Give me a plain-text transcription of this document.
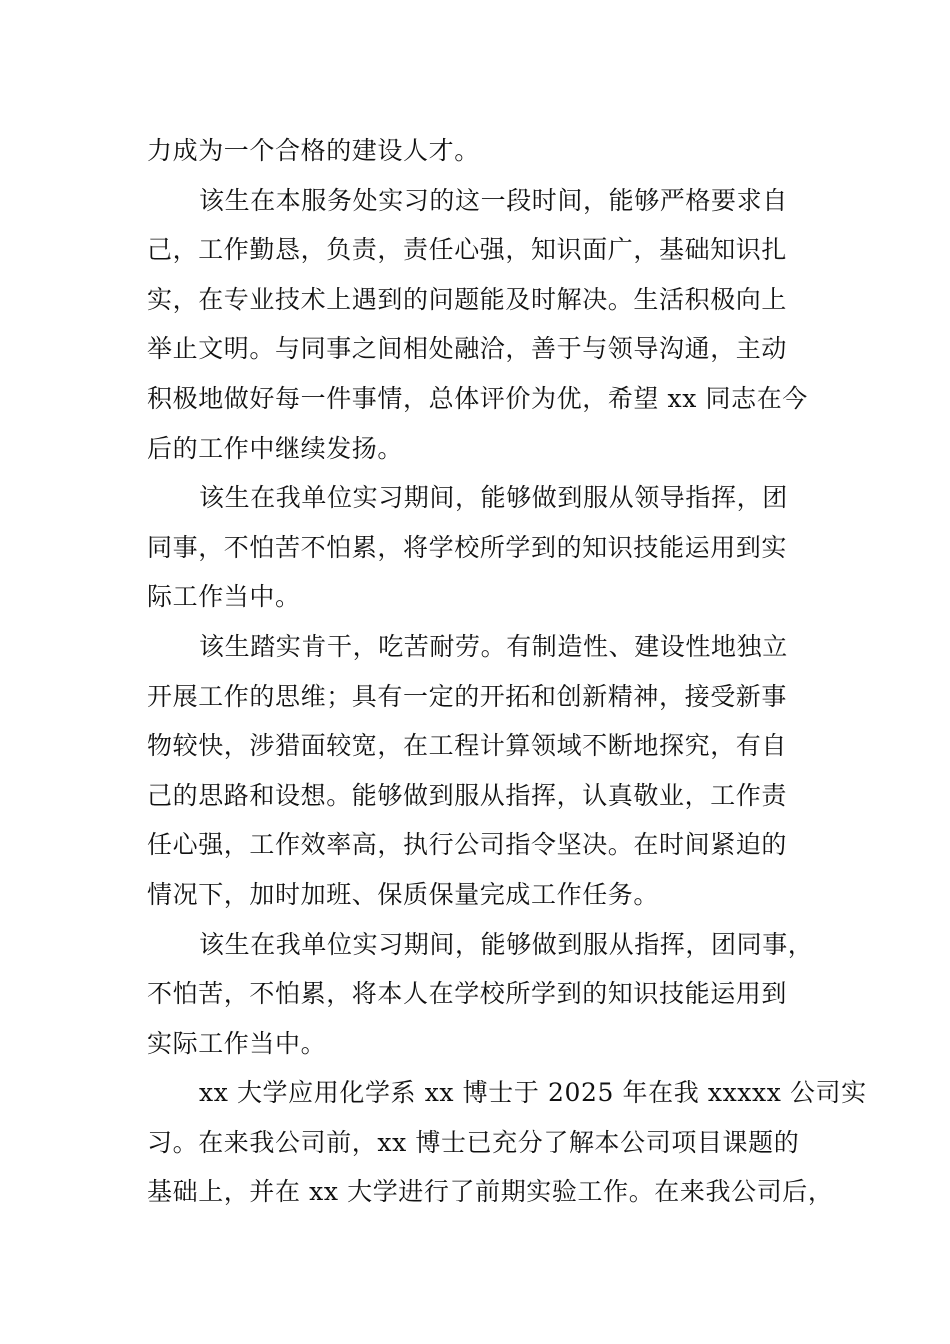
力成为一个合格的建设人才。
该生在本服务处实习的这一段时间，能够严格要求自
己，工作勤恳，负责，责任心强，知识面广，基础知识扎
实，在专业技术上遇到的问题能及时解决。生活积极向上
举止文明。与同事之间相处融洽，善于与领导沟通，主动
积极地做好每一件事情，总体评价为优，希望 xx 同志在今
后的工作中继续发扬。
该生在我单位实习期间，能够做到服从领导指挥，团
同事，不怕苦不怕累，将学校所学到的知识技能运用到实
际工作当中。
该生踏实肯干，吃苦耐劳。有制造性、建设性地独立
开展工作的思维；具有一定的开拓和创新精神，接受新事
物较快，涉猎面较宽，在工程计算领域不断地探究，有自
己的思路和设想。能够做到服从指挥，认真敬业，工作责
任心强，工作效率高，执行公司指令坚决。在时间紧迫的
情况下，加时加班、保质保量完成工作任务。
该生在我单位实习期间，能够做到服从指挥，团同事，
不怕苦，不怕累，将本人在学校所学到的知识技能运用到
实际工作当中。
xx 大学应用化学系 xx 博士于 2025 年在我 xxxxx 公司实
习。在来我公司前，xx 博士已充分了解本公司项目课题的
基础上，并在 xx 大学进行了前期实验工作。在来我公司后，
